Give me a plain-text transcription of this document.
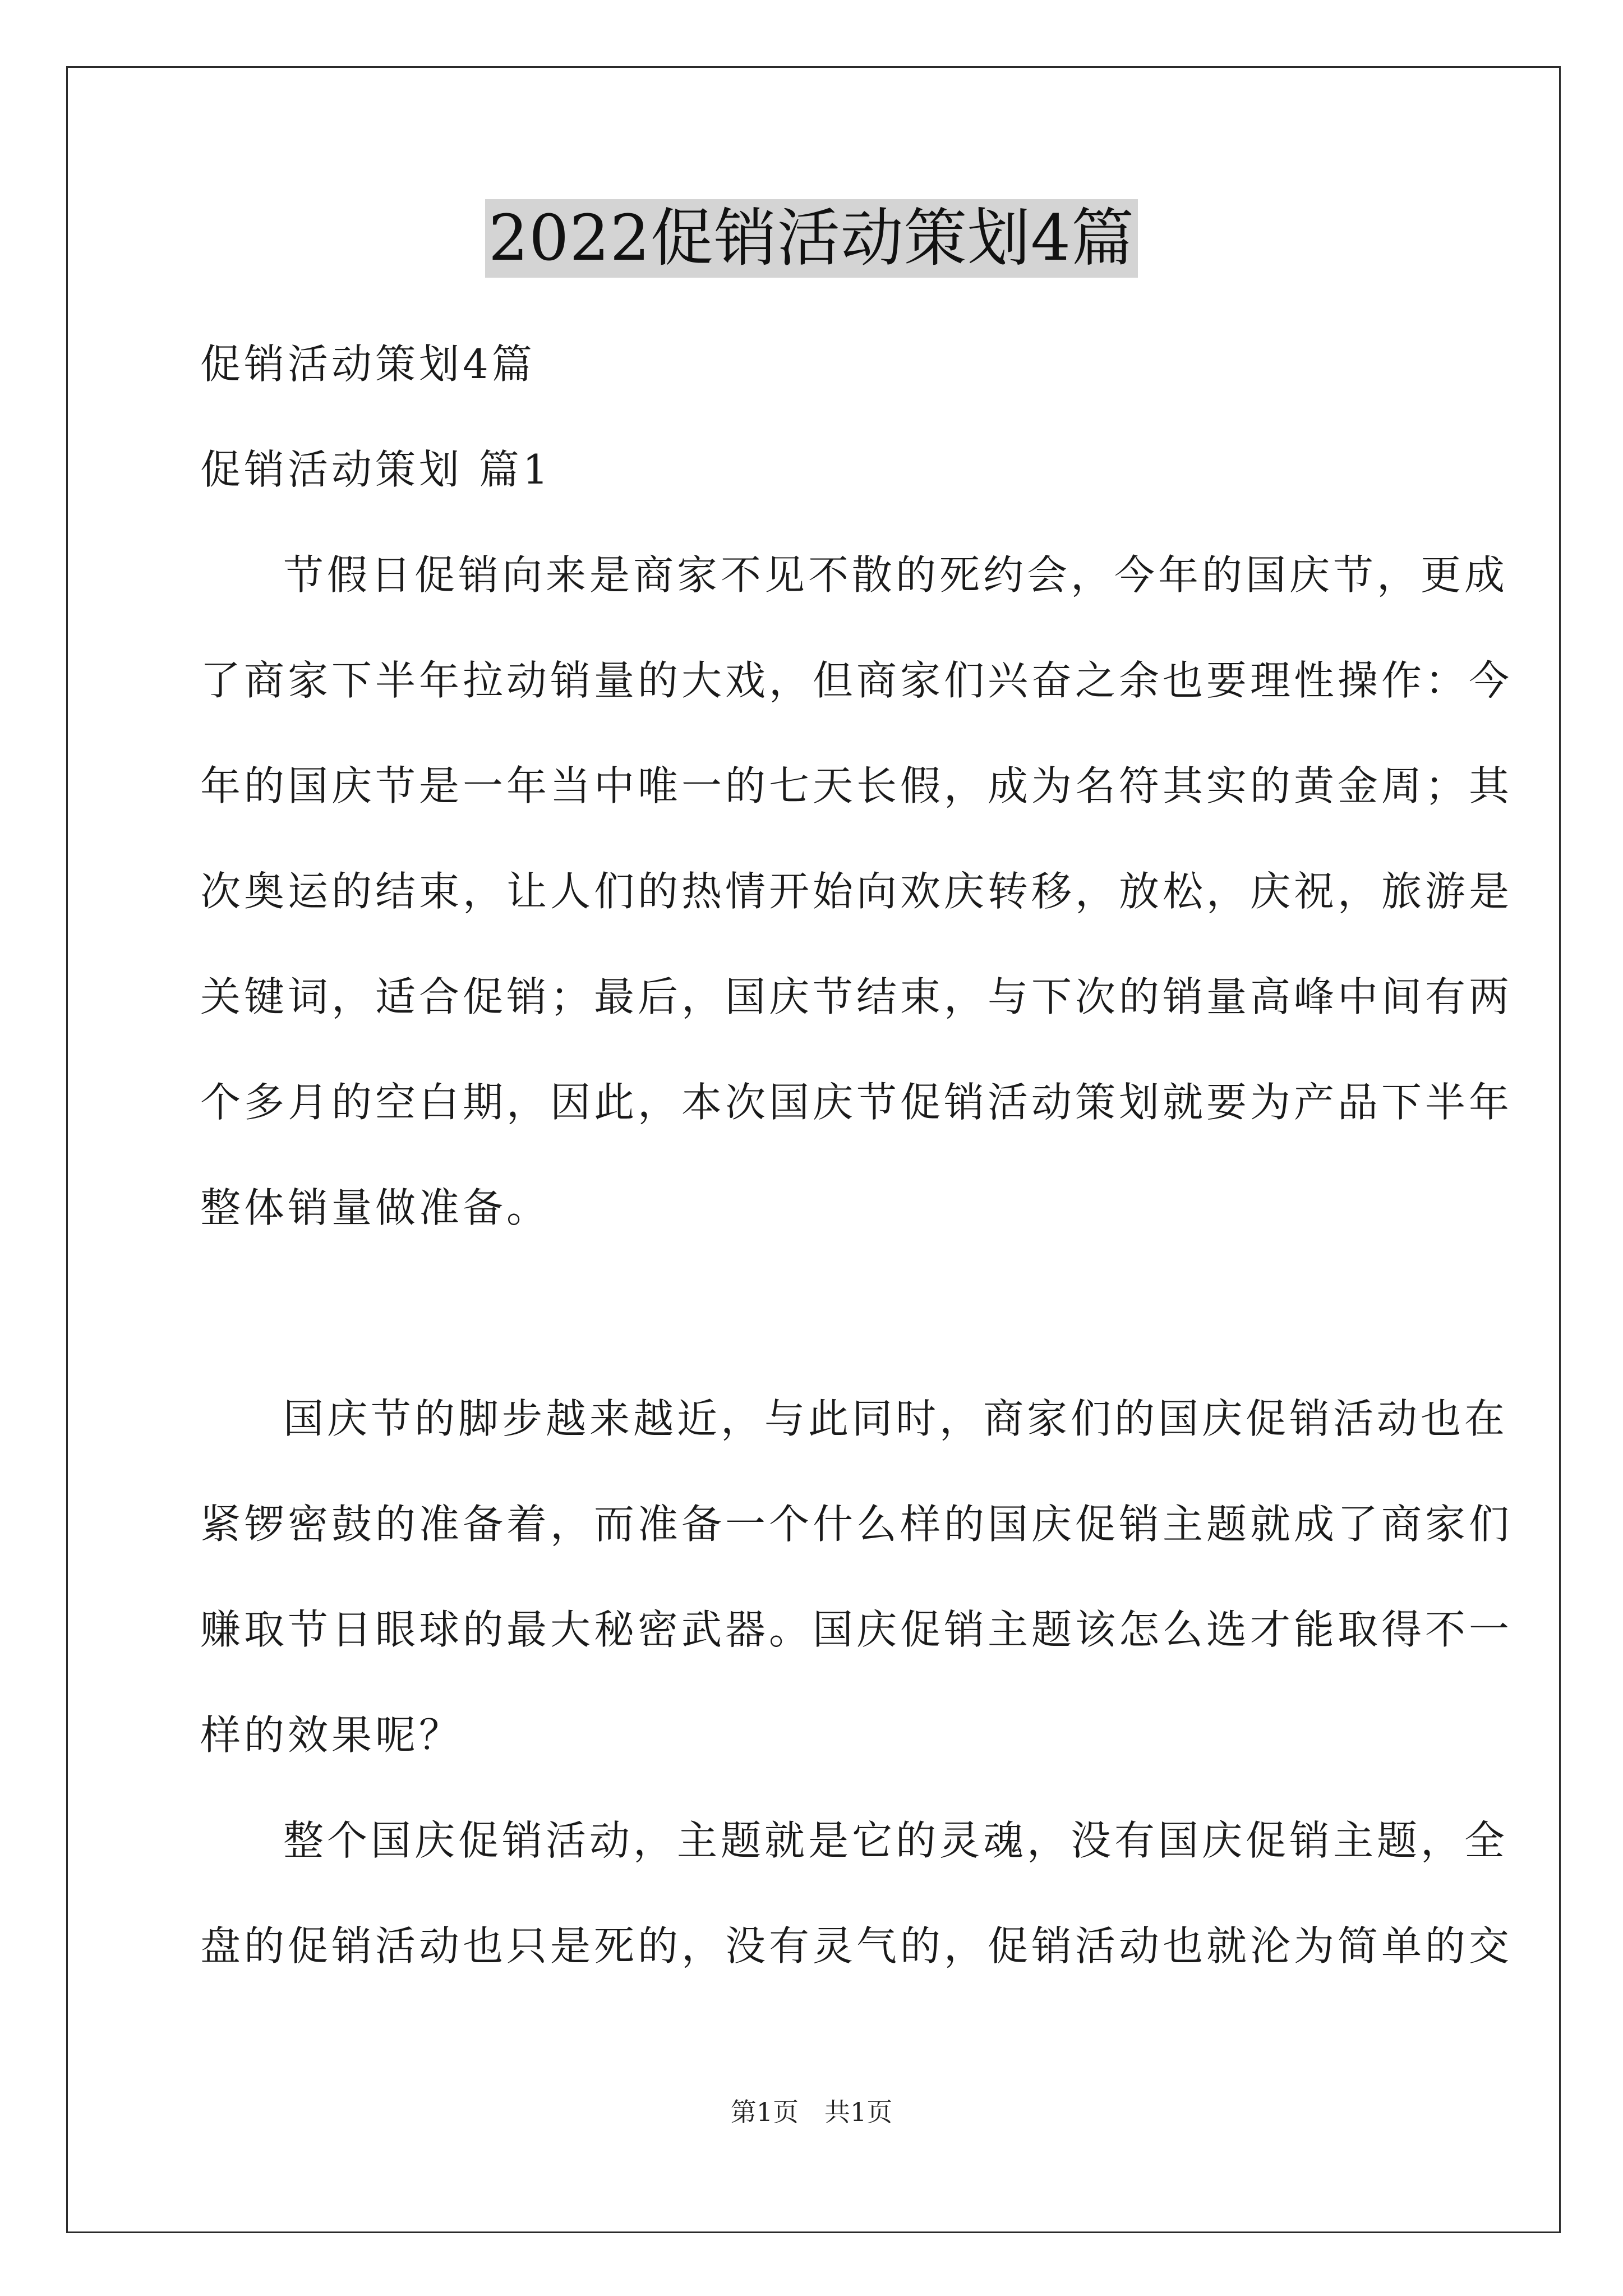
2022促销活动策划4篇
促销活动策划4篇
促销活动策划 篇1
节假日促销向来是商家不见不散的死约会，今年的国庆节，更成
了商家下半年拉动销量的大戏，但商家们兴奋之余也要理性操作：今
年的国庆节是一年当中唯一的七天长假，成为名符其实的黄金周；其
次奥运的结束，让人们的热情开始向欢庆转移，放松，庆祝，旅游是
关键词，适合促销；最后，国庆节结束，与下次的销量高峰中间有两
个多月的空白期，因此，本次国庆节促销活动策划就要为产品下半年
整体销量做准备。
国庆节的脚步越来越近，与此同时，商家们的国庆促销活动也在
紧锣密鼓的准备着，而准备一个什么样的国庆促销主题就成了商家们
赚取节日眼球的最大秘密武器。国庆促销主题该怎么选才能取得不一
样的效果呢？
整个国庆促销活动，主题就是它的灵魂，没有国庆促销主题，全
盘的促销活动也只是死的，没有灵气的，促销活动也就沦为简单的交
第1页 共1页
